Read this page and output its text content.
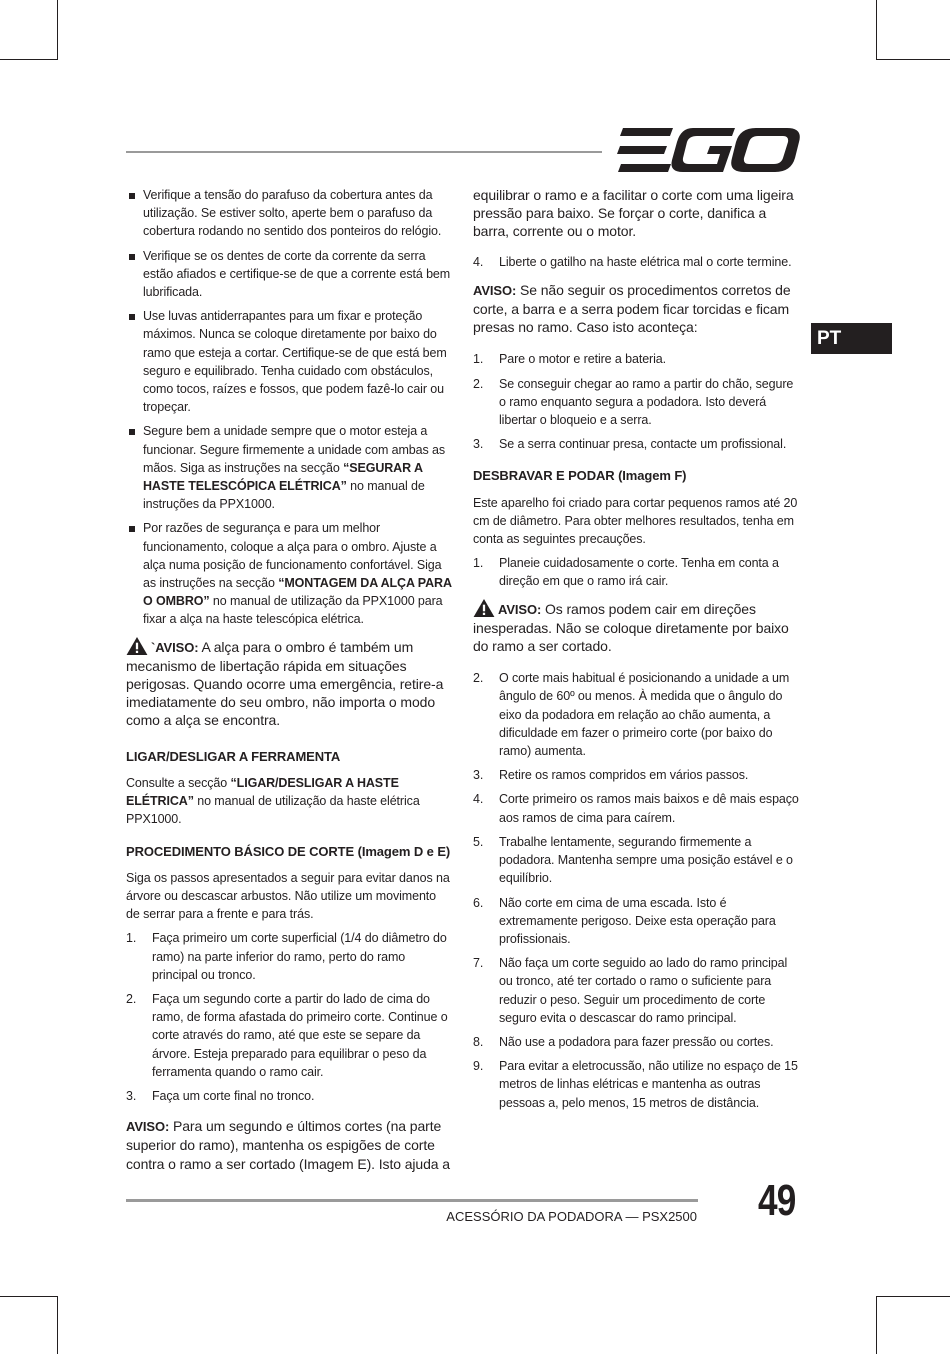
PT
Verifique a tensão do parafuso da cobertura antes da utilização. Se estiver solto, aperte bem o parafuso da cobertura rodando no sentido dos ponteiros do relógio.
Verifique se os dentes de corte da corrente da serra estão afiados e certifique-se de que a corrente está bem lubrificada.
Use luvas antiderrapantes para um fixar e proteção máximos. Nunca se coloque diretamente por baixo do ramo que esteja a cortar. Certifique-se de que está bem seguro e equilibrado. Tenha cuidado com obstáculos, como tocos, raízes e fossos, que podem fazê-lo cair ou tropeçar.
Segure bem a unidade sempre que o motor esteja a funcionar. Segure firmemente a unidade com ambas as mãos. Siga as instruções na secção “SEGURAR A HASTE TELESCÓPICA ELÉTRICA” no manual de instruções da PPX1000.
Por razões de segurança e para um melhor funcionamento, coloque a alça para o ombro. Ajuste a alça numa posição de funcionamento confortável. Siga as instruções na secção “MONTAGEM DA ALÇA PARA O OMBRO” no manual de utilização da PPX1000 para fixar a alça na haste telescópica elétrica.

`AVISO: A alça para o ombro é também um mecanismo de libertação rápida em situações perigosas. Quando ocorre uma emergência, retire-a imediatamente do seu ombro, não importa o modo como a alça se encontra.

LIGAR/DESLIGAR A FERRAMENTA

Consulte a secção “LIGAR/DESLIGAR A HASTE ELÉTRICA” no manual de utilização da haste elétrica PPX1000.

PROCEDIMENTO BÁSICO DE CORTE (Imagem D e E)

Siga os passos apresentados a seguir para evitar danos na árvore ou descascar arbustos. Não utilize um movimento de serrar para a frente e para trás.

1. Faça primeiro um corte superficial (1/4 do diâmetro do ramo) na parte inferior do ramo, perto do ramo principal ou tronco.
2. Faça um segundo corte a partir do lado de cima do ramo, de forma afastada do primeiro corte. Continue o corte através do ramo, até que este se separe da árvore. Esteja preparado para equilibrar o peso da ferramenta quando o ramo cair.
3. Faça um corte final no tronco.

AVISO: Para um segundo e últimos cortes (na parte superior do ramo), mantenha os espigões de corte contra o ramo a ser cortado (Imagem E). Isto ajuda a

equilibrar o ramo e a facilitar o corte com uma ligeira pressão para baixo. Se forçar o corte, danifica a barra, corrente ou o motor.

4. Liberte o gatilho na haste elétrica mal o corte termine.

AVISO: Se não seguir os procedimentos corretos de corte, a barra e a serra podem ficar torcidas e ficam presas no ramo. Caso isto aconteça:

1. Pare o motor e retire a bateria.
2. Se conseguir chegar ao ramo a partir do chão, segure o ramo enquanto segura a podadora. Isto deverá libertar o bloqueio e a serra.
3. Se a serra continuar presa, contacte um profissional.
DESBRAVAR E PODAR (Imagem F)

Este aparelho foi criado para cortar pequenos ramos até 20 cm de diâmetro. Para obter melhores resultados, tenha em conta as seguintes precauções.

1. Planeie cuidadosamente o corte. Tenha em conta a direção em que o ramo irá cair.

AVISO: Os ramos podem cair em direções inesperadas. Não se coloque diretamente por baixo do ramo a ser cortado.

2. O corte mais habitual é posicionando a unidade a um ângulo de 60º ou menos. À medida que o ângulo do eixo da podadora em relação ao chão aumenta, a dificuldade em fazer o primeiro corte (por baixo do ramo) aumenta.
3. Retire os ramos compridos em vários passos.
4. Corte primeiro os ramos mais baixos e dê mais espaço aos ramos de cima para caírem.
5. Trabalhe lentamente, segurando firmemente a podadora. Mantenha sempre uma posição estável e o equilíbrio.
6. Não corte em cima de uma escada. Isto é extremamente perigoso. Deixe esta operação para profissionais.
7. Não faça um corte seguido ao lado do ramo principal ou tronco, até ter cortado o ramo o suficiente para reduzir o peso. Seguir um procedimento de corte seguro evita o descascar do ramo principal.
8. Não use a podadora para fazer pressão ou cortes.
9. Para evitar a eletrocussão, não utilize no espaço de 15 metros de linhas elétricas e mantenha as outras pessoas a, pelo menos, 15 metros de distância.
ACESSÓRIO DA PODADORA — PSX2500 49
